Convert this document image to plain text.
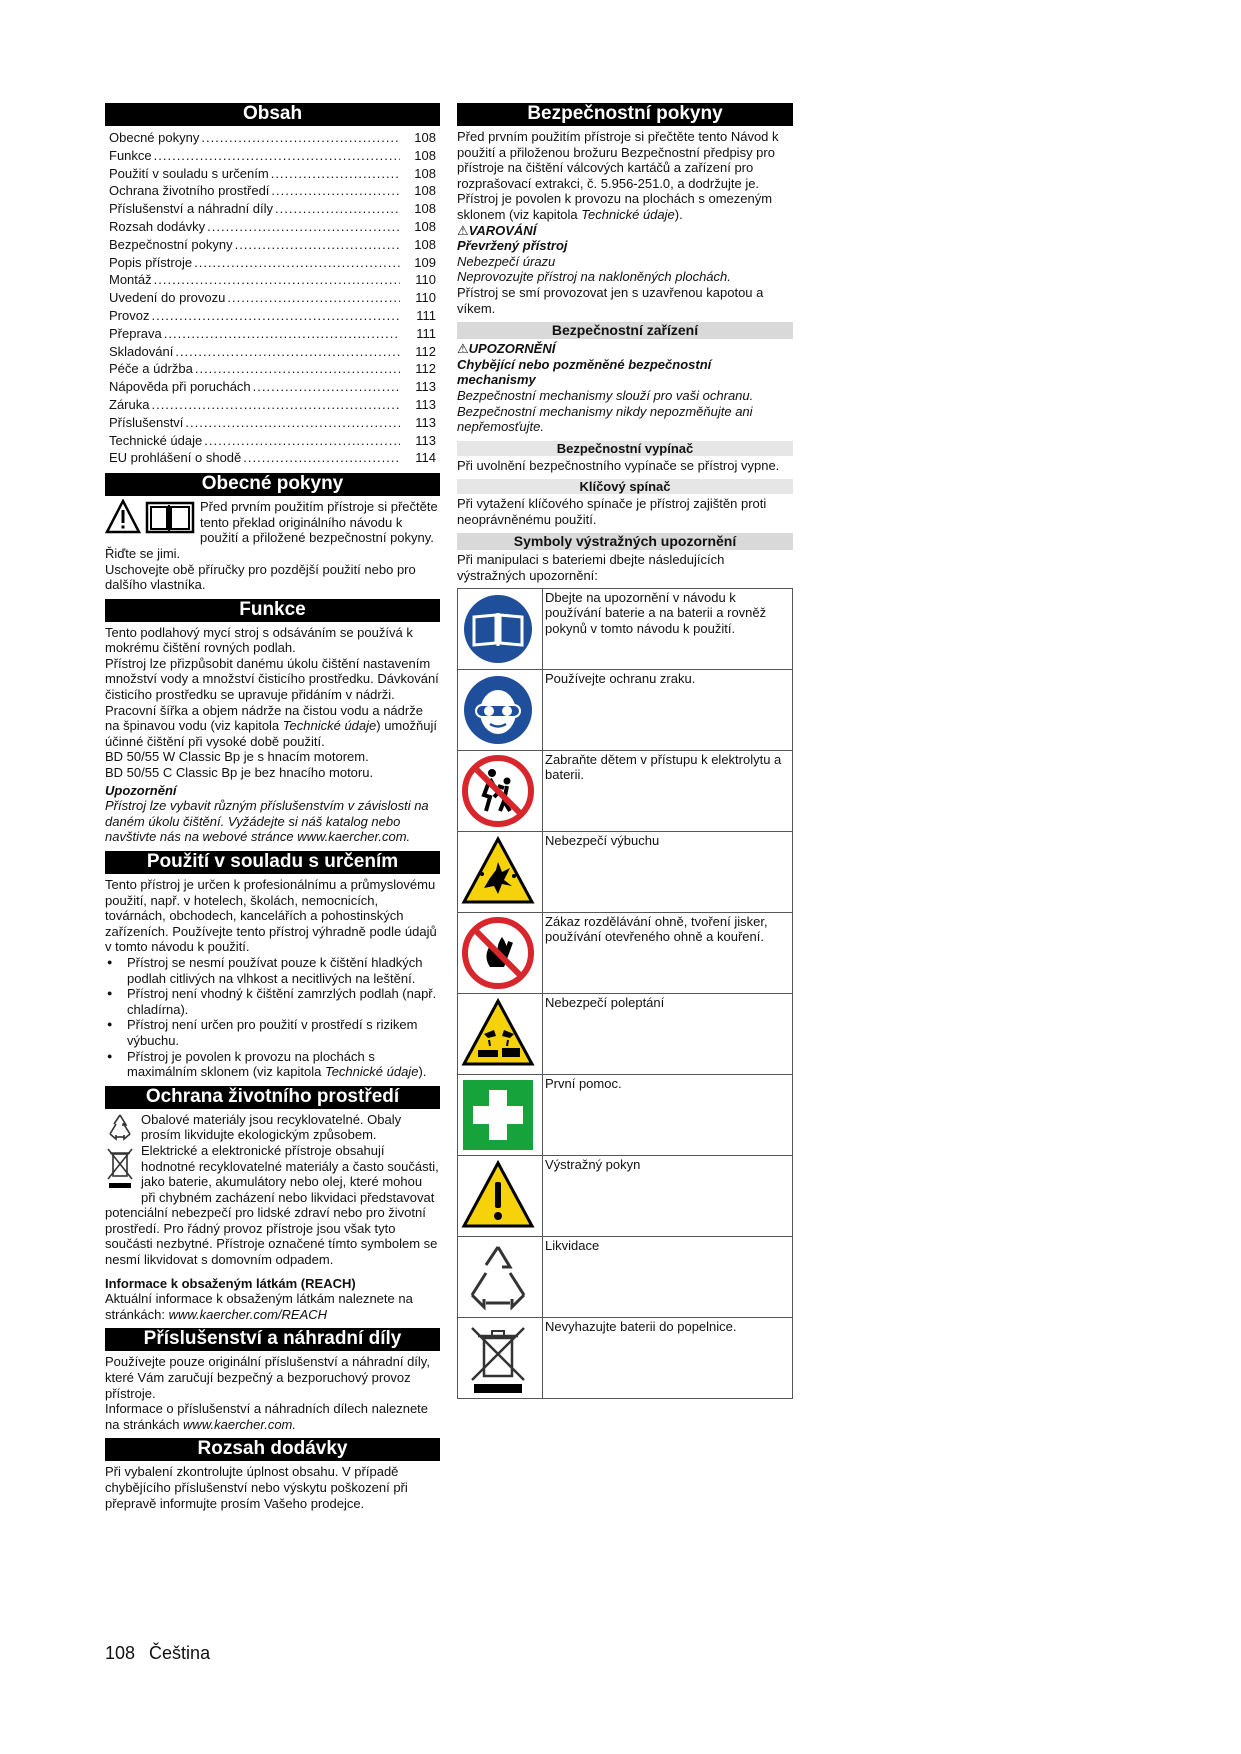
Obsah
Obecné pokyny .....	108
Funkce .....	108
Použití v souladu s určením .....	108
Ochrana životního prostředí .....	108
Příslušenství a náhradní díly .....	108
Rozsah dodávky .....	108
Bezpečnostní pokyny .....	108
Popis přístroje .....	109
Montáž .....	110
Uvedení do provozu .....	110
Provoz .....	111
Přeprava .....	111
Skladování .....	112
Péče a údržba .....	112
Nápověda při poruchách .....	113
Záruka .....	113
Příslušenství .....	113
Technické údaje .....	113
EU prohlášení o shodě .....	114
Obecné pokyny

Před prvním použitím přístroje si přečtěte tento překlad originálního návodu k použití a přiložené bezpečnostní pokyny. Řiďte se jimi.

Uschovejte obě příručky pro pozdější použití nebo pro dalšího vlastníka.

Funkce

Tento podlahový mycí stroj s odsáváním se používá k mokrému čištění rovných podlah.

Přístroj lze přizpůsobit danému úkolu čištění nastavením množství vody a množství čisticího prostředku. Dávkování čisticího prostředku se upravuje přidáním v nádrži.

Pracovní šířka a objem nádrže na čistou vodu a nádrže na špinavou vodu (viz kapitola Technické údaje) umožňují účinné čištění při vysoké době použití.

BD 50/55 W Classic Bp je s hnacím motorem.

BD 50/55 C Classic Bp je bez hnacího motoru.

Upozornění

Přístroj lze vybavit různým příslušenstvím v závislosti na daném úkolu čištění. Vyžádejte si náš katalog nebo navštivte nás na webové stránce www.kaercher.com.

Použití v souladu s určením

Tento přístroj je určen k profesionálnímu a průmyslovému použití, např. v hotelech, školách, nemocnicích, továrnách, obchodech, kancelářích a pohostinských zařízeních. Používejte tento přístroj výhradně podle údajů v tomto návodu k použití.

● Přístroj se nesmí používat pouze k čištění hladkých podlah citlivých na vlhkost a necitlivých na leštění.
● Přístroj není vhodný k čištění zamrzlých podlah (např. chladírna).
● Přístroj není určen pro použití v prostředí s rizikem výbuchu.
● Přístroj je povolen k provozu na plochách s maximálním sklonem (viz kapitola Technické údaje).
Ochrana životního prostředí

Obalové materiály jsou recyklovatelné. Obaly prosím likvidujte ekologickým způsobem.

Elektrické a elektronické přístroje obsahují hodnotné recyklovatelné materiály a často součásti, jako baterie, akumulátory nebo olej, které mohou při chybném zacházení nebo likvidaci představovat potenciální nebezpečí pro lidské zdraví nebo pro životní prostředí. Pro řádný provoz přístroje jsou však tyto součásti nezbytné. Přístroje označené tímto symbolem se nesmí likvidovat s domovním odpadem.

Informace k obsaženým látkám (REACH)

Aktuální informace k obsaženým látkám naleznete na stránkách: www.kaercher.com/REACH

Příslušenství a náhradní díly

Používejte pouze originální příslušenství a náhradní díly, které Vám zaručují bezpečný a bezporuchový provoz přístroje.

Informace o příslušenství a náhradních dílech naleznete na stránkách www.kaercher.com.

Rozsah dodávky

Při vybalení zkontrolujte úplnost obsahu. V případě chybějícího příslušenství nebo výskytu poškození při přepravě informujte prosím Vašeho prodejce.

Bezpečnostní pokyny

Před prvním použitím přístroje si přečtěte tento Návod k použití a přiloženou brožuru Bezpečnostní předpisy pro přístroje na čištění válcových kartáčů a zařízení pro rozprašovací extrakci, č. 5.956-251.0, a dodržujte je.

Přístroj je povolen k provozu na plochách s omezeným sklonem (viz kapitola Technické údaje).

⚠VAROVÁNÍ

Převržený přístroj

Nebezpečí úrazu

Neprovozujte přístroj na nakloněných plochách.

Přístroj se smí provozovat jen s uzavřenou kapotou a víkem.

Bezpečnostní zařízení

⚠UPOZORNĚNÍ

Chybějící nebo pozměněné bezpečnostní mechanismy

Bezpečnostní mechanismy slouží pro vaši ochranu.

Bezpečnostní mechanismy nikdy nepozměňujte ani nepřemosťujte.

Bezpečnostní vypínač

Při uvolnění bezpečnostního vypínače se přístroj vypne.

Klíčový spínač

Při vytažení klíčového spínače je přístroj zajištěn proti neoprávněnému použití.

Symboly výstražných upozornění

Při manipulaci s bateriemi dbejte následujících výstražných upozornění:

	Dbejte na upozornění v návodu k používání baterie a na baterii a rovněž pokynů v tomto návodu k použití.

	Používejte ochranu zraku.

	Zabraňte dětem v přístupu k elektrolytu a baterii.

	Nebezpečí výbuchu

	Zákaz rozdělávání ohně, tvoření jisker, používání otevřeného ohně a kouření.

	Nebezpečí poleptání

	První pomoc.

	Výstražný pokyn

	Likvidace

	Nevyhazujte baterii do popelnice.
108 Čeština
